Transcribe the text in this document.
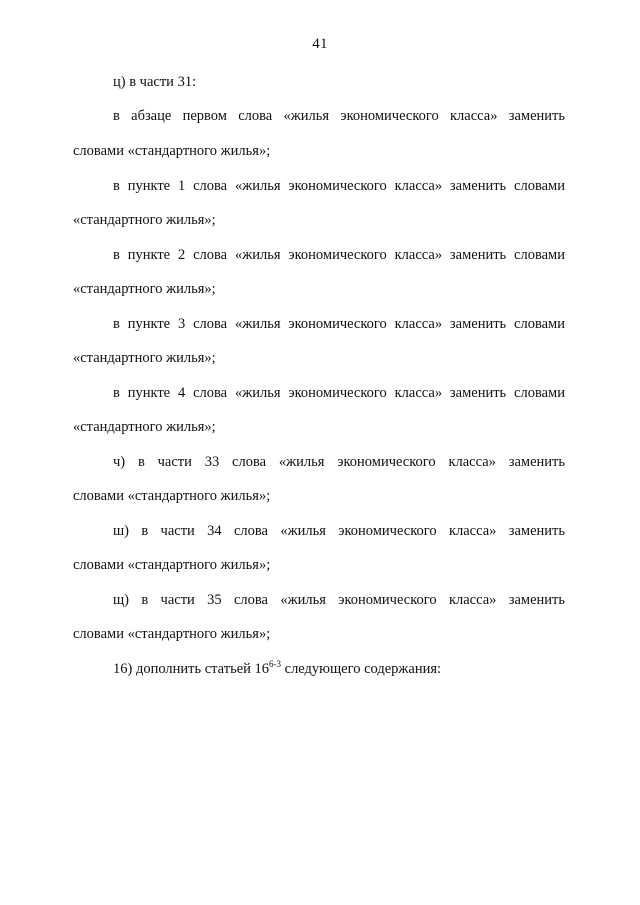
41
ц) в части 31:
в абзаце первом слова «жилья экономического класса» заменить
словами «стандартного жилья»;
в пункте 1 слова «жилья экономического класса» заменить словами
«стандартного жилья»;
в пункте 2 слова «жилья экономического класса» заменить словами
«стандартного жилья»;
в пункте 3 слова «жилья экономического класса» заменить словами
«стандартного жилья»;
в пункте 4 слова «жилья экономического класса» заменить словами
«стандартного жилья»;
ч) в части 33 слова «жилья экономического класса» заменить
словами «стандартного жилья»;
ш) в части 34 слова «жилья экономического класса» заменить
словами «стандартного жилья»;
щ) в части 35 слова «жилья экономического класса» заменить
словами «стандартного жилья»;
16) дополнить статьей 16$^{6-3}$ следующего содержания:
